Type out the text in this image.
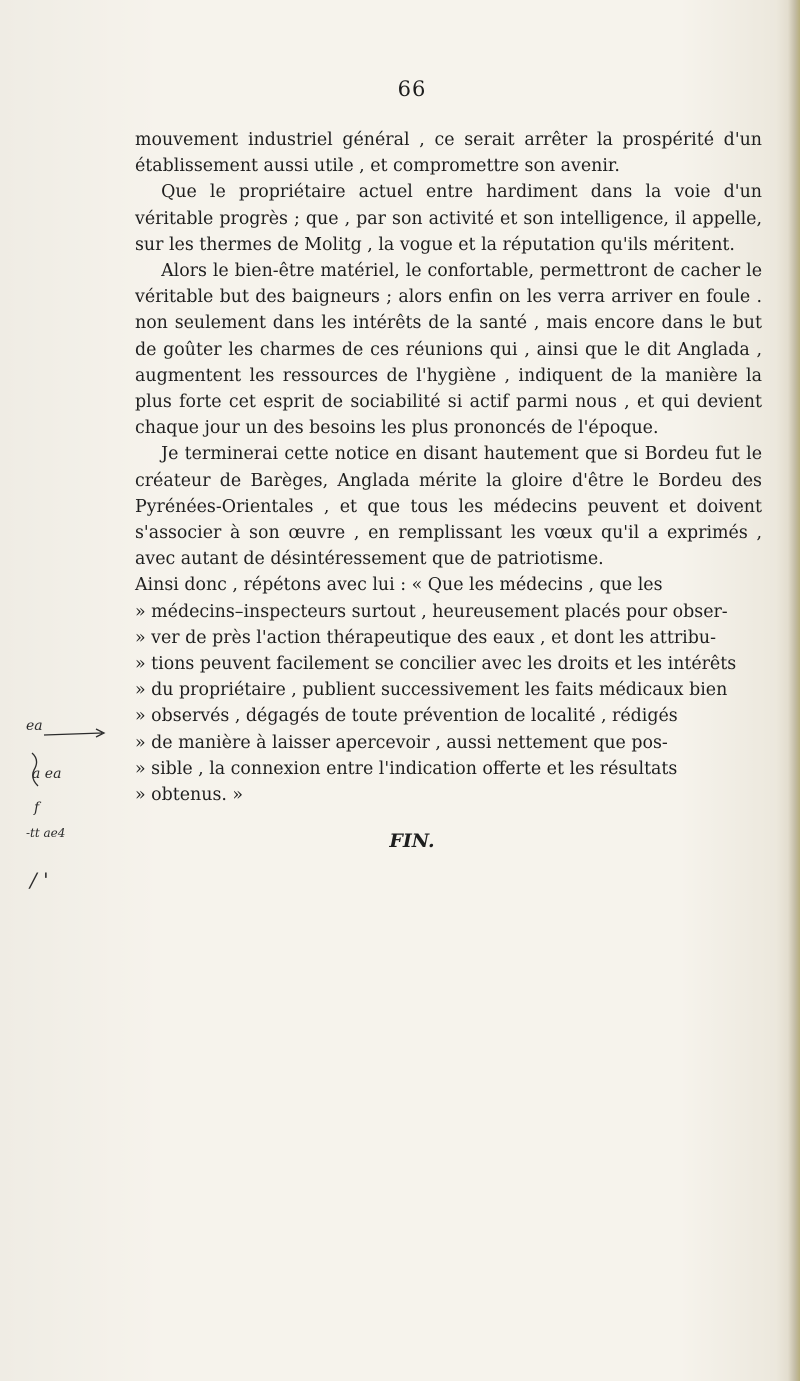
66

mouvement industriel général , ce serait arrêter la prospérité d'un établissement aussi utile , et compromettre son avenir.

Que le propriétaire actuel entre hardiment dans la voie d'un véritable progrès ; que , par son activité et son intelligence, il appelle, sur les thermes de Molitg , la vogue et la réputation qu'ils méritent.

Alors le bien-être matériel, le confortable, permettront de cacher le véritable but des baigneurs ; alors enfin on les verra arriver en foule . non seulement dans les intérêts de la santé , mais encore dans le but de goûter les charmes de ces réunions qui , ainsi que le dit Anglada , augmentent les ressources de l'hygiène , indiquent de la manière la plus forte cet esprit de sociabilité si actif parmi nous , et qui devient chaque jour un des besoins les plus prononcés de l'époque.

Je terminerai cette notice en disant hautement que si Bordeu fut le créateur de Barèges, Anglada mérite la gloire d'être le Bordeu des Pyrénées-Orientales , et que tous les médecins peuvent et doivent s'associer à son œuvre , en remplissant les vœux qu'il a exprimés , avec autant de désintéressement que de patriotisme.

Ainsi donc , répétons avec lui : « Que les médecins , que les
» médecins–inspecteurs surtout , heureusement placés pour obser-
» ver de près l'action thérapeutique des eaux , et dont les attribu-
» tions peuvent facilement se concilier avec les droits et les intérêts
» du propriétaire , publient successivement les faits médicaux bien
» observés , dégagés de toute prévention de localité , rédigés
» de manière à laisser apercevoir , aussi nettement que pos-
» sible , la connexion entre l'indication offerte et les résultats
» obtenus. »

FIN.
ea
a ea
f
-tt ae4
/ '
